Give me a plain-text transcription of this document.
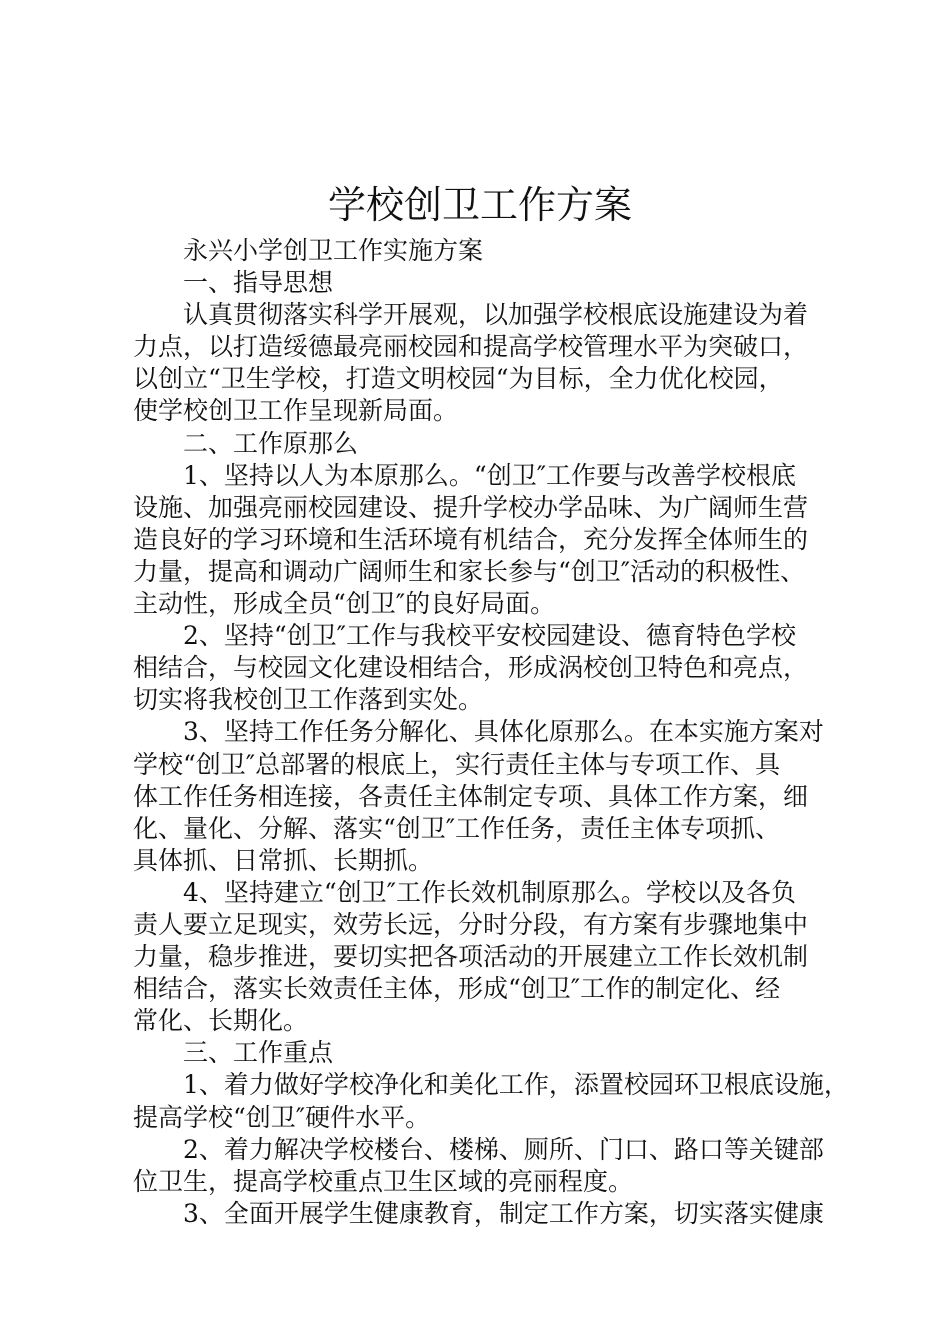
学校创卫工作方案
永兴小学创卫工作实施方案
一、指导思想
认真贯彻落实科学开展观，以加强学校根底设施建设为着
力点，以打造绥德最亮丽校园和提高学校管理水平为突破口，
以创立“卫生学校，打造文明校园“为目标，全力优化校园，
使学校创卫工作呈现新局面。
二、工作原那么
1、坚持以人为本原那么。“创卫″工作要与改善学校根底
设施、加强亮丽校园建设、提升学校办学品味、为广阔师生营
造良好的学习环境和生活环境有机结合，充分发挥全体师生的
力量，提高和调动广阔师生和家长参与“创卫″活动的积极性、
主动性，形成全员“创卫″的良好局面。
2、坚持“创卫″工作与我校平安校园建设、德育特色学校
相结合，与校园文化建设相结合，形成涡校创卫特色和亮点，
切实将我校创卫工作落到实处。
3、坚持工作任务分解化、具体化原那么。在本实施方案对
学校“创卫″总部署的根底上，实行责任主体与专项工作、具
体工作任务相连接，各责任主体制定专项、具体工作方案，细
化、量化、分解、落实“创卫″工作任务，责任主体专项抓、
具体抓、日常抓、长期抓。
4、坚持建立“创卫″工作长效机制原那么。学校以及各负
责人要立足现实，效劳长远，分时分段，有方案有步骤地集中
力量，稳步推进，要切实把各项活动的开展建立工作长效机制
相结合，落实长效责任主体，形成“创卫″工作的制定化、经
常化、长期化。
三、工作重点
1、着力做好学校净化和美化工作，添置校园环卫根底设施，
提高学校“创卫″硬件水平。
2、着力解决学校楼台、楼梯、厕所、门口、路口等关键部
位卫生，提高学校重点卫生区域的亮丽程度。
3、全面开展学生健康教育，制定工作方案，切实落实健康
